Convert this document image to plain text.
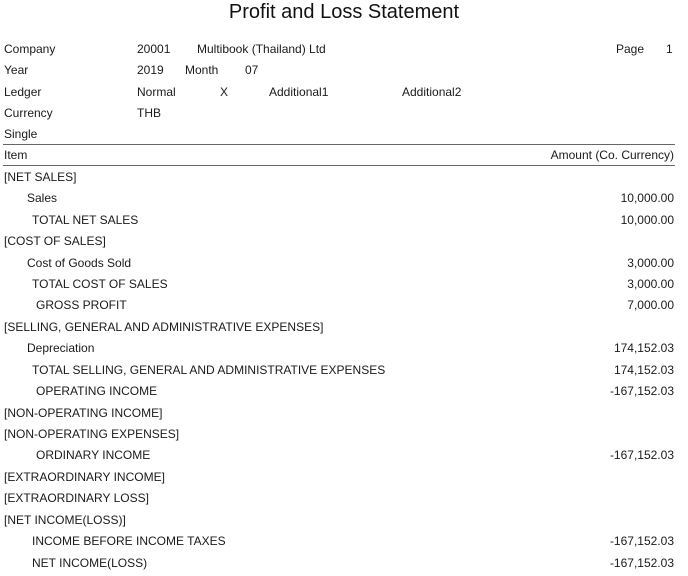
Profit and Loss Statement
Company	20001 Multibook (Thailand) Ltd	Page 1
Year	2019 Month 07
Ledger	Normal	X	Additional1	Additional2
Currency	THB
Single
Item	Amount (Co. Currency)
[NET SALES]
Sales	10,000.00
TOTAL NET SALES	10,000.00
[COST OF SALES]
Cost of Goods Sold	3,000.00
TOTAL COST OF SALES	3,000.00
GROSS PROFIT	7,000.00
[SELLING, GENERAL AND ADMINISTRATIVE EXPENSES]
Depreciation	174,152.03
TOTAL SELLING, GENERAL AND ADMINISTRATIVE EXPENSES	174,152.03
OPERATING INCOME	-167,152.03
[NON-OPERATING INCOME]
[NON-OPERATING EXPENSES]
ORDINARY INCOME	-167,152.03
[EXTRAORDINARY INCOME]
[EXTRAORDINARY LOSS]
[NET INCOME(LOSS)]
INCOME BEFORE INCOME TAXES	-167,152.03
NET INCOME(LOSS)	-167,152.03
